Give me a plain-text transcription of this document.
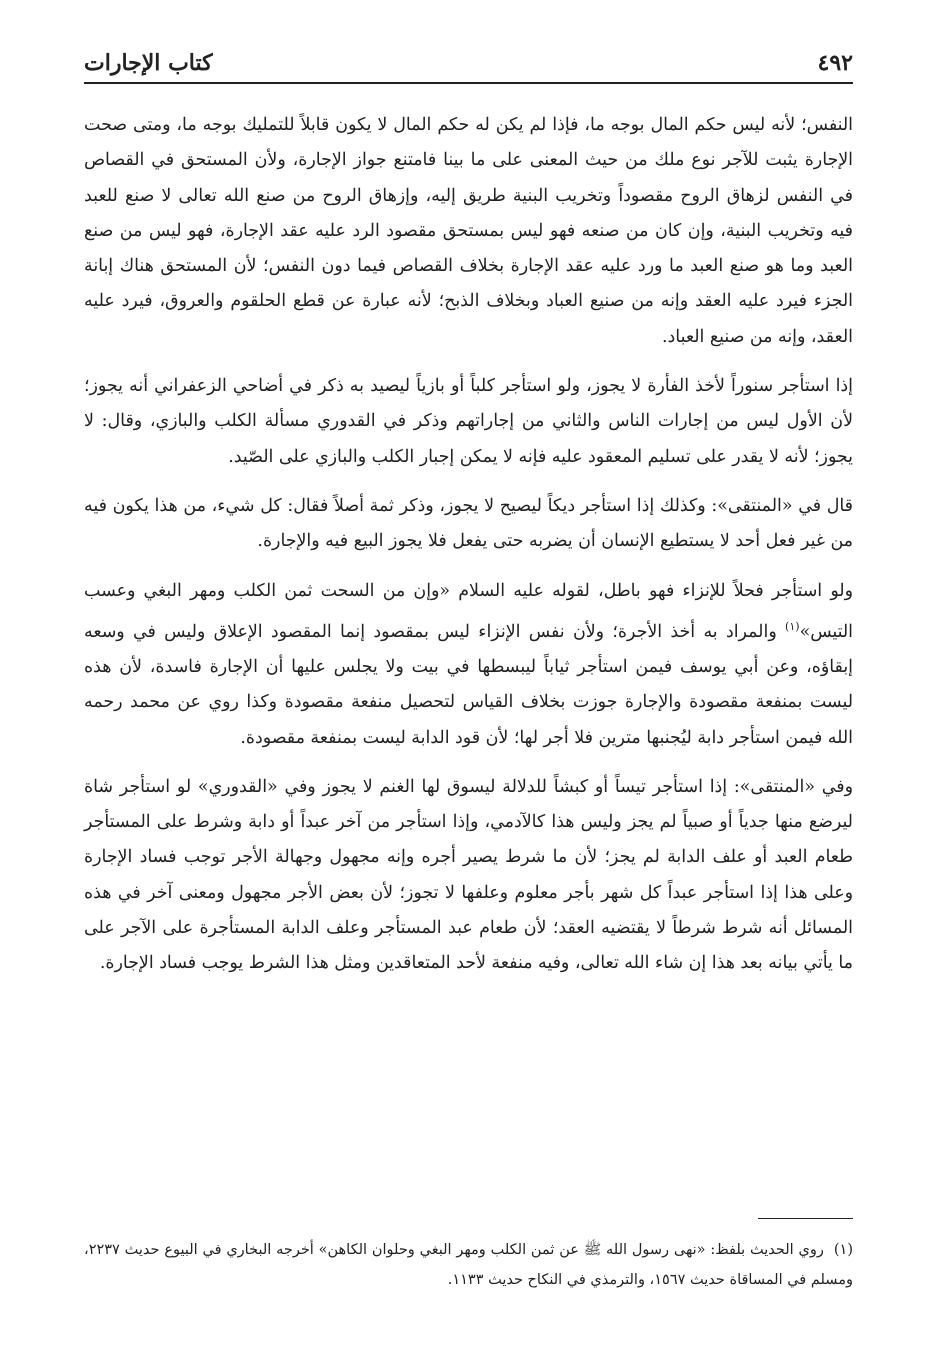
٤٩٢
كتاب الإجارات

النفس؛ لأنه ليس حكم المال بوجه ما، فإذا لم يكن له حكم المال لا يكون قابلاً للتمليك بوجه ما، ومتى صحت الإجارة يثبت للآجر نوع ملك من حيث المعنى على ما بينا فامتنع جواز الإجارة، ولأن المستحق في القصاص في النفس لزهاق الروح مقصوداً وتخريب البنية طريق إليه، وإزهاق الروح من صنع الله تعالى لا صنع للعبد فيه وتخريب البنية، وإن كان من صنعه فهو ليس بمستحق مقصود الرد عليه عقد الإجارة، فهو ليس من صنع العبد وما هو صنع العبد ما ورد عليه عقد الإجارة بخلاف القصاص فيما دون النفس؛ لأن المستحق هناك إبانة الجزء فيرد عليه العقد وإنه من صنيع العباد وبخلاف الذبح؛ لأنه عبارة عن قطع الحلقوم والعروق، فيرد عليه العقد، وإنه من صنيع العباد.

إذا استأجر سنوراً لأخذ الفأرة لا يجوز، ولو استأجر كلباً أو بازياً ليصيد به ذكر في أضاحي الزعفراني أنه يجوز؛ لأن الأول ليس من إجارات الناس والثاني من إجاراتهم وذكر في القدوري مسألة الكلب والبازي، وقال: لا يجوز؛ لأنه لا يقدر على تسليم المعقود عليه فإنه لا يمكن إجبار الكلب والبازي على الصّيد.

قال في «المنتقى»: وكذلك إذا استأجر ديكاً ليصيح لا يجوز، وذكر ثمة أصلاً فقال: كل شيء، من هذا يكون فيه من غير فعل أحد لا يستطيع الإنسان أن يضربه حتى يفعل فلا يجوز البيع فيه والإجارة.

ولو استأجر فحلاً للإنزاء فهو باطل، لقوله عليه السلام «وإن من السحت ثمن الكلب ومهر البغي وعسب التيس»$^{(١)}$ والمراد به أخذ الأجرة؛ ولأن نفس الإنزاء ليس بمقصود إنما المقصود الإعلاق وليس في وسعه إبقاؤه، وعن أبي يوسف فيمن استأجر ثياباً ليبسطها في بيت ولا يجلس عليها أن الإجارة فاسدة، لأن هذه ليست بمنفعة مقصودة والإجارة جوزت بخلاف القياس لتحصيل منفعة مقصودة وكذا روي عن محمد رحمه الله فيمن استأجر دابة ليُجنبها مترين فلا أجر لها؛ لأن قود الدابة ليست بمنفعة مقصودة.

وفي «المنتقى»: إذا استأجر تيساً أو كبشاً للدلالة ليسوق لها الغنم لا يجوز وفي «القدوري» لو استأجر شاة ليرضع منها جدياً أو صبياً لم يجز وليس هذا كالآدمي، وإذا استأجر من آخر عبداً أو دابة وشرط على المستأجر طعام العبد أو علف الدابة لم يجز؛ لأن ما شرط يصير أجره وإنه مجهول وجهالة الأجر توجب فساد الإجارة وعلى هذا إذا استأجر عبداً كل شهر بأجر معلوم وعلفها لا تجوز؛ لأن بعض الأجر مجهول ومعنى آخر في هذه المسائل أنه شرط شرطاً لا يقتضيه العقد؛ لأن طعام عبد المستأجر وعلف الدابة المستأجرة على الآجر على ما يأتي بيانه بعد هذا إن شاء الله تعالى، وفيه منفعة لأحد المتعاقدين ومثل هذا الشرط يوجب فساد الإجارة.

(١)روي الحديث بلفظ: «نهى رسول الله ﷺ عن ثمن الكلب ومهر البغي وحلوان الكاهن» أخرجه البخاري في البيوع حديث ٢٢٣٧، ومسلم في المساقاة حديث ١٥٦٧، والترمذي في النكاح حديث ١١٣٣.
